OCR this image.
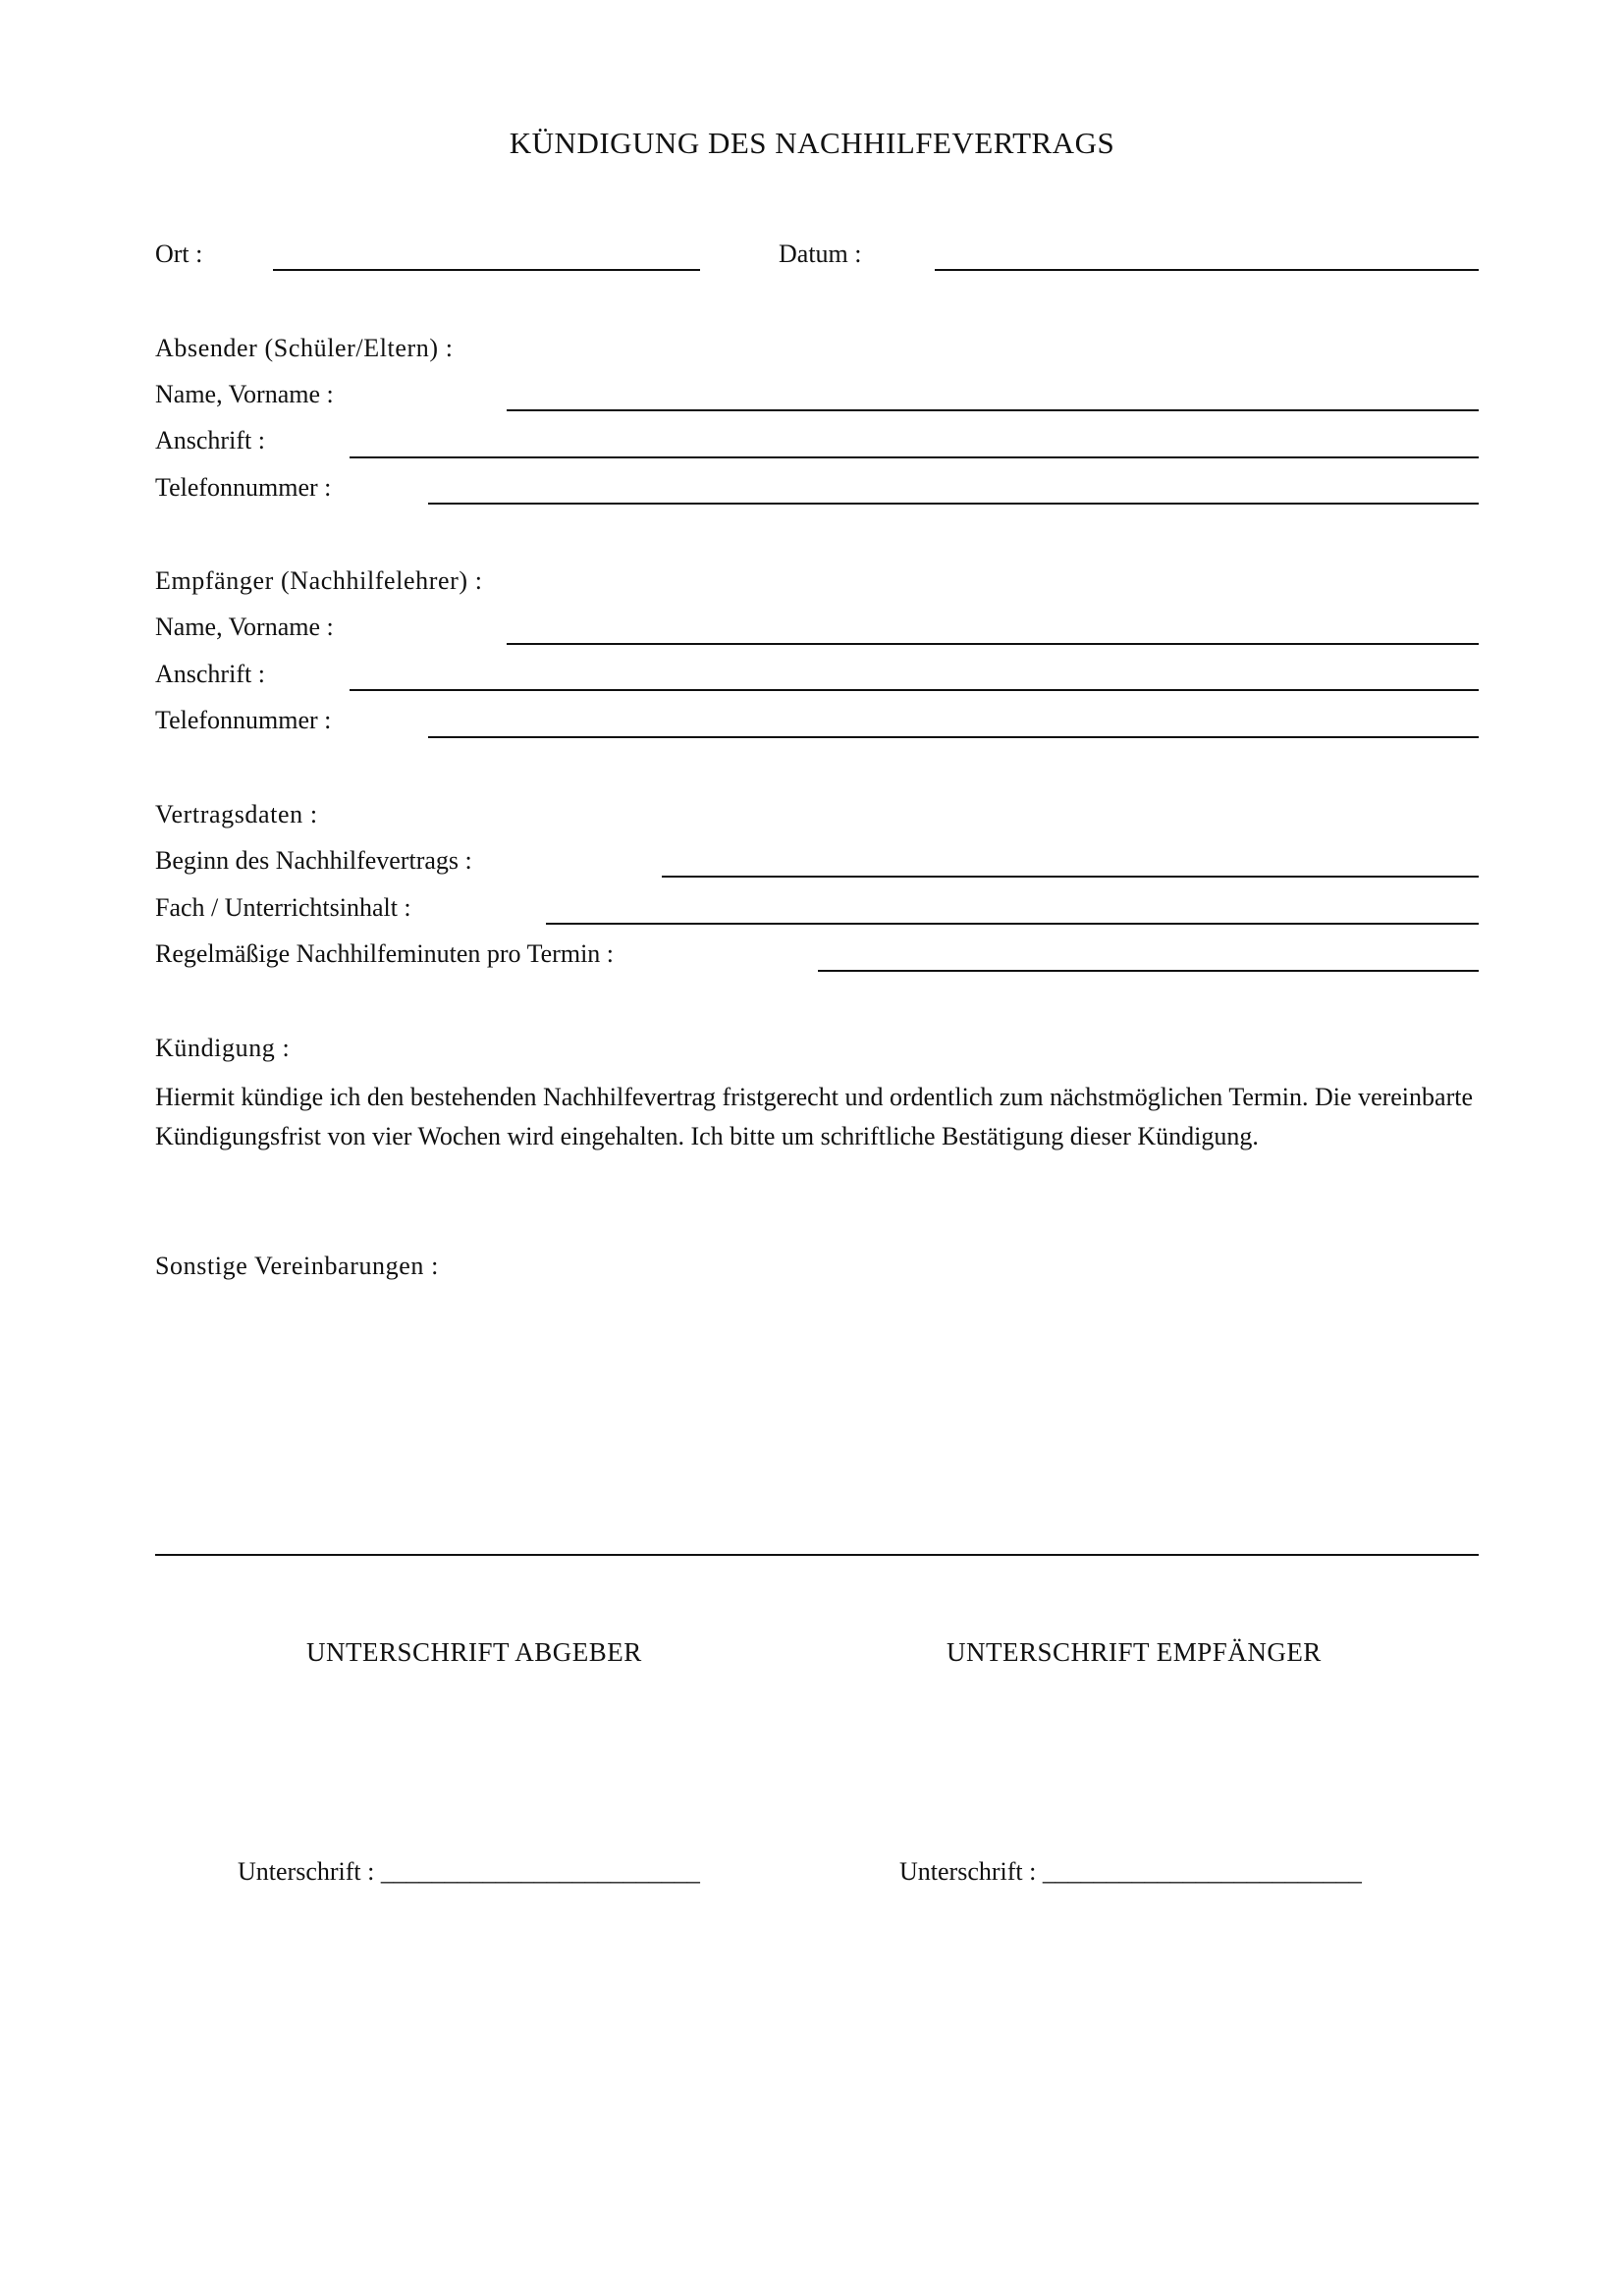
KÜNDIGUNG DES NACHHILFEVERTRAGS
Ort :	Datum :
Absender (Schüler/Eltern) :
Name, Vorname :
Anschrift :
Telefonnummer :
Empfänger (Nachhilfelehrer) :
Name, Vorname :
Anschrift :
Telefonnummer :
Vertragsdaten :
Beginn des Nachhilfevertrags :
Fach / Unterrichtsinhalt :
Regelmäßige Nachhilfeminuten pro Termin :
Kündigung :
Hiermit kündige ich den bestehenden Nachhilfevertrag fristgerecht und ordentlich zum nächstmöglichen Termin. Die vereinbarte Kündigungsfrist von vier Wochen wird eingehalten. Ich bitte um schriftliche Bestätigung dieser Kündigung.
Sonstige Vereinbarungen :
UNTERSCHRIFT ABGEBER	UNTERSCHRIFT EMPFÄNGER
Unterschrift : _________________________	Unterschrift : _________________________
